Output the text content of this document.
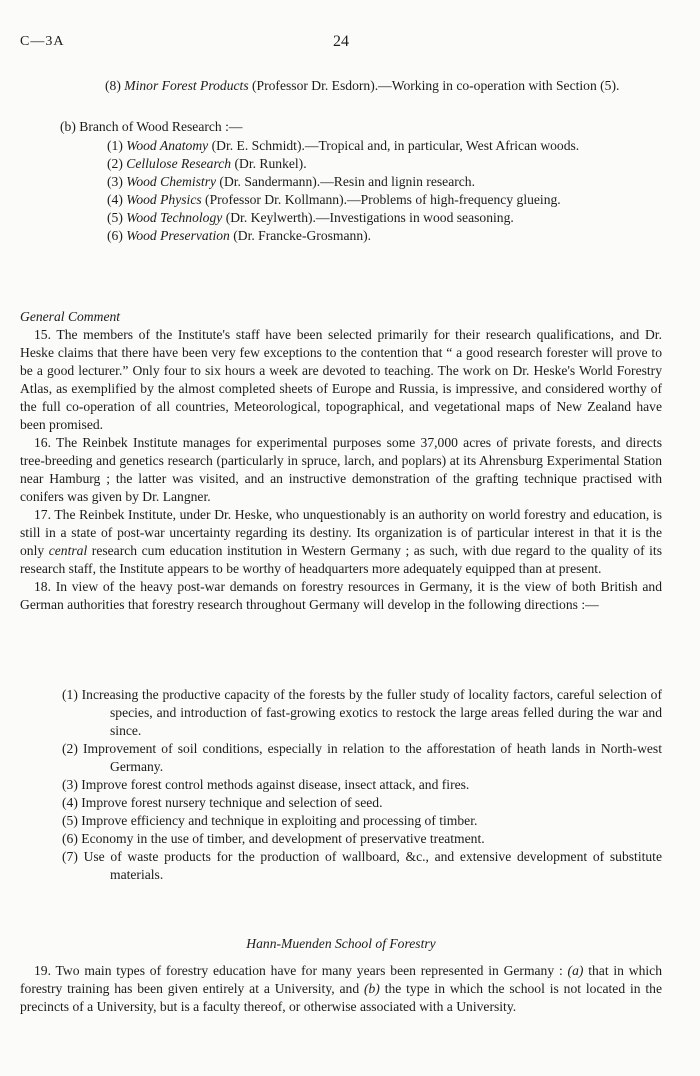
C—3A	24
(8) Minor Forest Products (Professor Dr. Esdorn).—Working in co-operation with Section (5).
(b) Branch of Wood Research :—
(1) Wood Anatomy (Dr. E. Schmidt).—Tropical and, in particular, West African woods.
(2) Cellulose Research (Dr. Runkel).
(3) Wood Chemistry (Dr. Sandermann).—Resin and lignin research.
(4) Wood Physics (Professor Dr. Kollmann).—Problems of high-frequency glueing.
(5) Wood Technology (Dr. Keylwerth).—Investigations in wood seasoning.
(6) Wood Preservation (Dr. Francke-Grosmann).
General Comment
15. The members of the Institute's staff have been selected primarily for their research qualifications, and Dr. Heske claims that there have been very few exceptions to the contention that “ a good research forester will prove to be a good lecturer.” Only four to six hours a week are devoted to teaching. The work on Dr. Heske's World Forestry Atlas, as exemplified by the almost completed sheets of Europe and Russia, is impressive, and considered worthy of the full co-operation of all countries, Meteorological, topographical, and vegetational maps of New Zealand have been promised.
16. The Reinbek Institute manages for experimental purposes some 37,000 acres of private forests, and directs tree-breeding and genetics research (particularly in spruce, larch, and poplars) at its Ahrensburg Experimental Station near Hamburg ; the latter was visited, and an instructive demonstration of the grafting technique practised with conifers was given by Dr. Langner.
17. The Reinbek Institute, under Dr. Heske, who unquestionably is an authority on world forestry and education, is still in a state of post-war uncertainty regarding its destiny. Its organization is of particular interest in that it is the only central research cum education institution in Western Germany ; as such, with due regard to the quality of its research staff, the Institute appears to be worthy of headquarters more adequately equipped than at present.
18. In view of the heavy post-war demands on forestry resources in Germany, it is the view of both British and German authorities that forestry research throughout Germany will develop in the following directions :—
(1) Increasing the productive capacity of the forests by the fuller study of locality factors, careful selection of species, and introduction of fast-growing exotics to restock the large areas felled during the war and since.
(2) Improvement of soil conditions, especially in relation to the afforestation of heath lands in North-west Germany.
(3) Improve forest control methods against disease, insect attack, and fires.
(4) Improve forest nursery technique and selection of seed.
(5) Improve efficiency and technique in exploiting and processing of timber.
(6) Economy in the use of timber, and development of preservative treatment.
(7) Use of waste products for the production of wallboard, &c., and extensive development of substitute materials.
Hann-Muenden School of Forestry
19. Two main types of forestry education have for many years been represented in Germany : (a) that in which forestry training has been given entirely at a University, and (b) the type in which the school is not located in the precincts of a University, but is a faculty thereof, or otherwise associated with a University.
